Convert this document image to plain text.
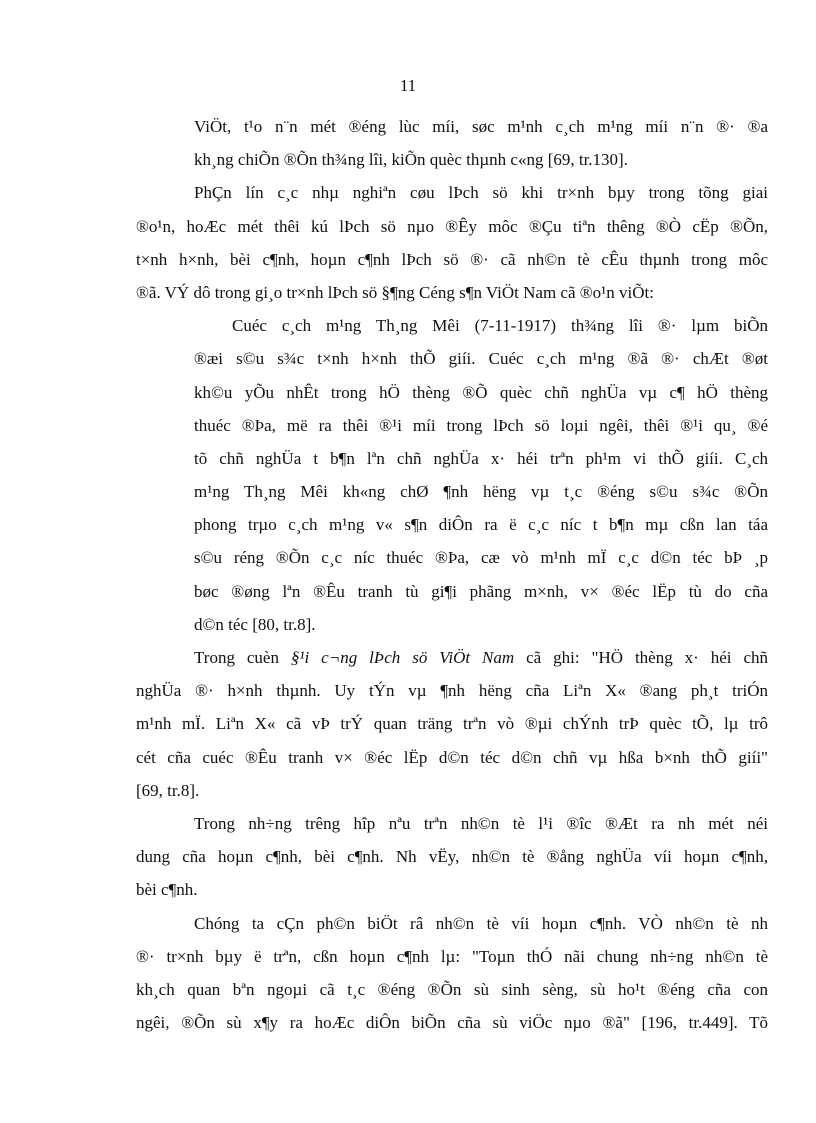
11
ViÖt, t¹o n¨n mét ®éng lùc míi, søc m¹nh c¸ch m¹ng míi n¨n ®· ®a
kh¸ng chiÕn ®Õn th¾ng lîi, kiÕn quèc thµnh c«ng [69, tr.130].
PhÇn lín c¸c nhµ nghiªn cøu lÞch sö khi tr×nh bµy trong tõng giai
®o¹n, hoÆc mét thêi kú lÞch sö nµo ®Êy môc ®Çu tiªn thêng ®Ò cËp ®Õn,
t×nh h×nh, bèi c¶nh, hoµn c¶nh lÞch sö ®· cã nh©n tè cÊu thµnh trong môc
®ã. VÝ dô trong gi¸o tr×nh lÞch sö §¶ng Céng s¶n ViÖt Nam cã ®o¹n viÕt:
Cuéc c¸ch m¹ng Th¸ng Mêi (7-11-1917) th¾ng lîi ®· lµm biÕn
®æi s©u s¾c t×nh h×nh thÕ giíi. Cuéc c¸ch m¹ng ®ã ®· chÆt ®øt
kh©u yÕu nhÊt trong hÖ thèng ®Õ quèc chñ nghÜa vµ c¶ hÖ thèng
thuéc ®Þa, më ra thêi ®¹i míi trong lÞch sö loµi ngêi, thêi ®¹i qu¸ ®é
tõ chñ nghÜa t b¶n lªn chñ nghÜa x· héi trªn ph¹m vi thÕ giíi. C¸ch
m¹ng Th¸ng Mêi kh«ng chØ ¶nh hëng vµ t¸c ®éng s©u s¾c ®Õn
phong trµo c¸ch m¹ng v« s¶n diÔn ra ë c¸c níc t b¶n mµ cßn lan táa
s©u réng ®Õn c¸c níc thuéc ®Þa, cæ vò m¹nh mÏ c¸c d©n téc bÞ ¸p
bøc ®øng lªn ®Êu tranh tù gi¶i phãng m×nh, v× ®éc lËp tù do cña
d©n téc [80, tr.8].
Trong cuèn §¹i c¬ng lÞch sö ViÖt Nam cã ghi: "HÖ thèng x· héi chñ
nghÜa ®· h×nh thµnh. Uy tÝn vµ ¶nh hëng cña Liªn X« ®ang ph¸t triÓn
m¹nh mÏ. Liªn X« cã vÞ trÝ quan träng trªn vò ®µi chÝnh trÞ quèc tÕ, lµ trô
cét cña cuéc ®Êu tranh v× ®éc lËp d©n téc d©n chñ vµ hßa b×nh thÕ giíi"
[69, tr.8].
Trong nh÷ng trêng hîp nªu trªn nh©n tè l¹i ®îc ®Æt ra nh mét néi
dung cña hoµn c¶nh, bèi c¶nh. Nh vËy, nh©n tè ®ång nghÜa víi hoµn c¶nh,
bèi c¶nh.
Chóng ta cÇn ph©n biÖt râ nh©n tè víi hoµn c¶nh. VÒ nh©n tè nh
®· tr×nh bµy ë trªn, cßn hoµn c¶nh lµ: "Toµn thÓ nãi chung nh÷ng nh©n tè
kh¸ch quan bªn ngoµi cã t¸c ®éng ®Õn sù sinh sèng, sù ho¹t ®éng cña con
ngêi, ®Õn sù x¶y ra hoÆc diÔn biÕn cña sù viÖc nµo ®ã" [196, tr.449]. Tõ
